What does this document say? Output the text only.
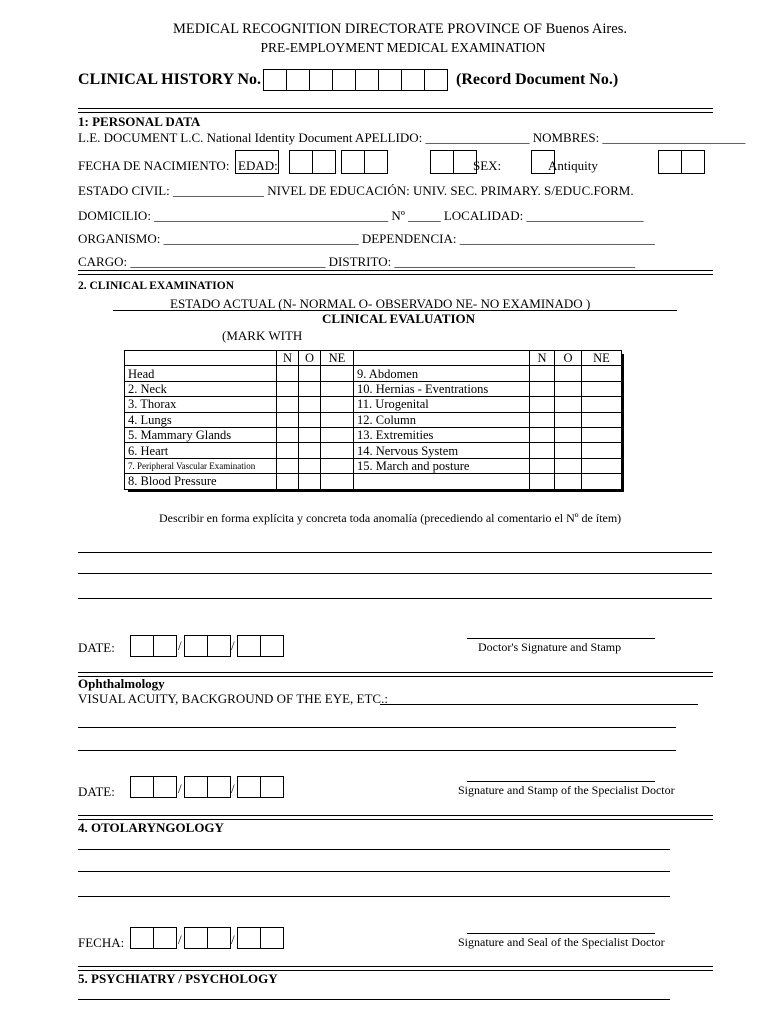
MEDICAL RECOGNITION DIRECTORATE PROVINCE OF Buenos Aires.
PRE-EMPLOYMENT MEDICAL EXAMINATION
CLINICAL HISTORY No.	(Record Document No.)
1: PERSONAL DATA
L.E. DOCUMENT L.C. National Identity Document APELLIDO: ________________ NOMBRES: ______________________
FECHA DE NACIMIENTO: EDAD:	SEX:	Antiquity
ESTADO CIVIL: ______________ NIVEL DE EDUCACIÓN: UNIV. SEC. PRIMARY. S/EDUC.FORM.
DOMICILIO: ____________________________________ Nº _____ LOCALIDAD: __________________
ORGANISMO: ______________________________ DEPENDENCIA: ______________________________
CARGO: ______________________________ DISTRITO: _____________________________________
2. CLINICAL EXAMINATION
ESTADO ACTUAL (N- NORMAL O- OBSERVADO NE- NO EXAMINADO )
CLINICAL EVALUATION
(MARK WITH
	N	O	NE		N	O	NE
Head				9. Abdomen			
2. Neck				10. Hernias - Eventrations			
3. Thorax				11. Urogenital			
4. Lungs				12. Column			
5. Mammary Glands				13. Extremities			
6. Heart				14. Nervous System			
7. Peripheral Vascular Examination				15. March and posture			
8. Blood Pressure							
Describir en forma explícita y concreta toda anomalía (precediendo al comentario el Nº de ítem)
DATE:	/	/	Doctor's Signature and Stamp
Ophthalmology
VISUAL ACUITY, BACKGROUND OF THE EYE, ETC.:
DATE:	/	/	Signature and Stamp of the Specialist Doctor
4. OTOLARYNGOLOGY
FECHA:	/	/	Signature and Seal of the Specialist Doctor
5. PSYCHIATRY / PSYCHOLOGY
